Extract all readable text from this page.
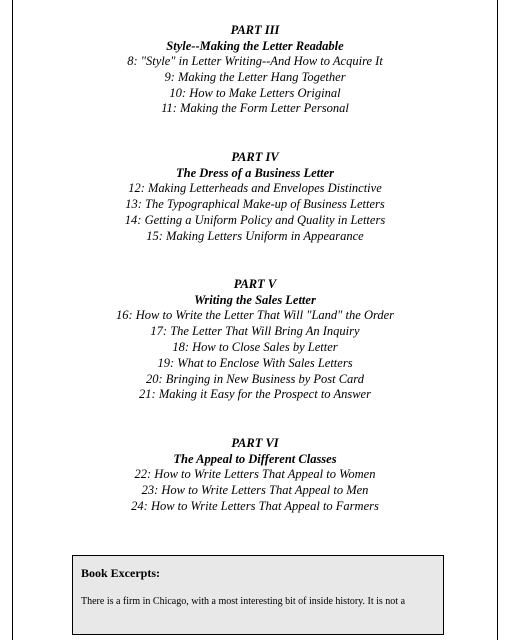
PART III
Style--Making the Letter Readable
8: "Style" in Letter Writing--And How to Acquire It
9: Making the Letter Hang Together
10: How to Make Letters Original
11: Making the Form Letter Personal
PART IV
The Dress of a Business Letter
12: Making Letterheads and Envelopes Distinctive
13: The Typographical Make-up of Business Letters
14: Getting a Uniform Policy and Quality in Letters
15: Making Letters Uniform in Appearance
PART V
Writing the Sales Letter
16: How to Write the Letter That Will "Land" the Order
17: The Letter That Will Bring An Inquiry
18: How to Close Sales by Letter
19: What to Enclose With Sales Letters
20: Bringing in New Business by Post Card
21: Making it Easy for the Prospect to Answer
PART VI
The Appeal to Different Classes
22: How to Write Letters That Appeal to Women
23: How to Write Letters That Appeal to Men
24: How to Write Letters That Appeal to Farmers
Book Excerpts:
There is a firm in Chicago, with a most interesting bit of inside history. It is not a
